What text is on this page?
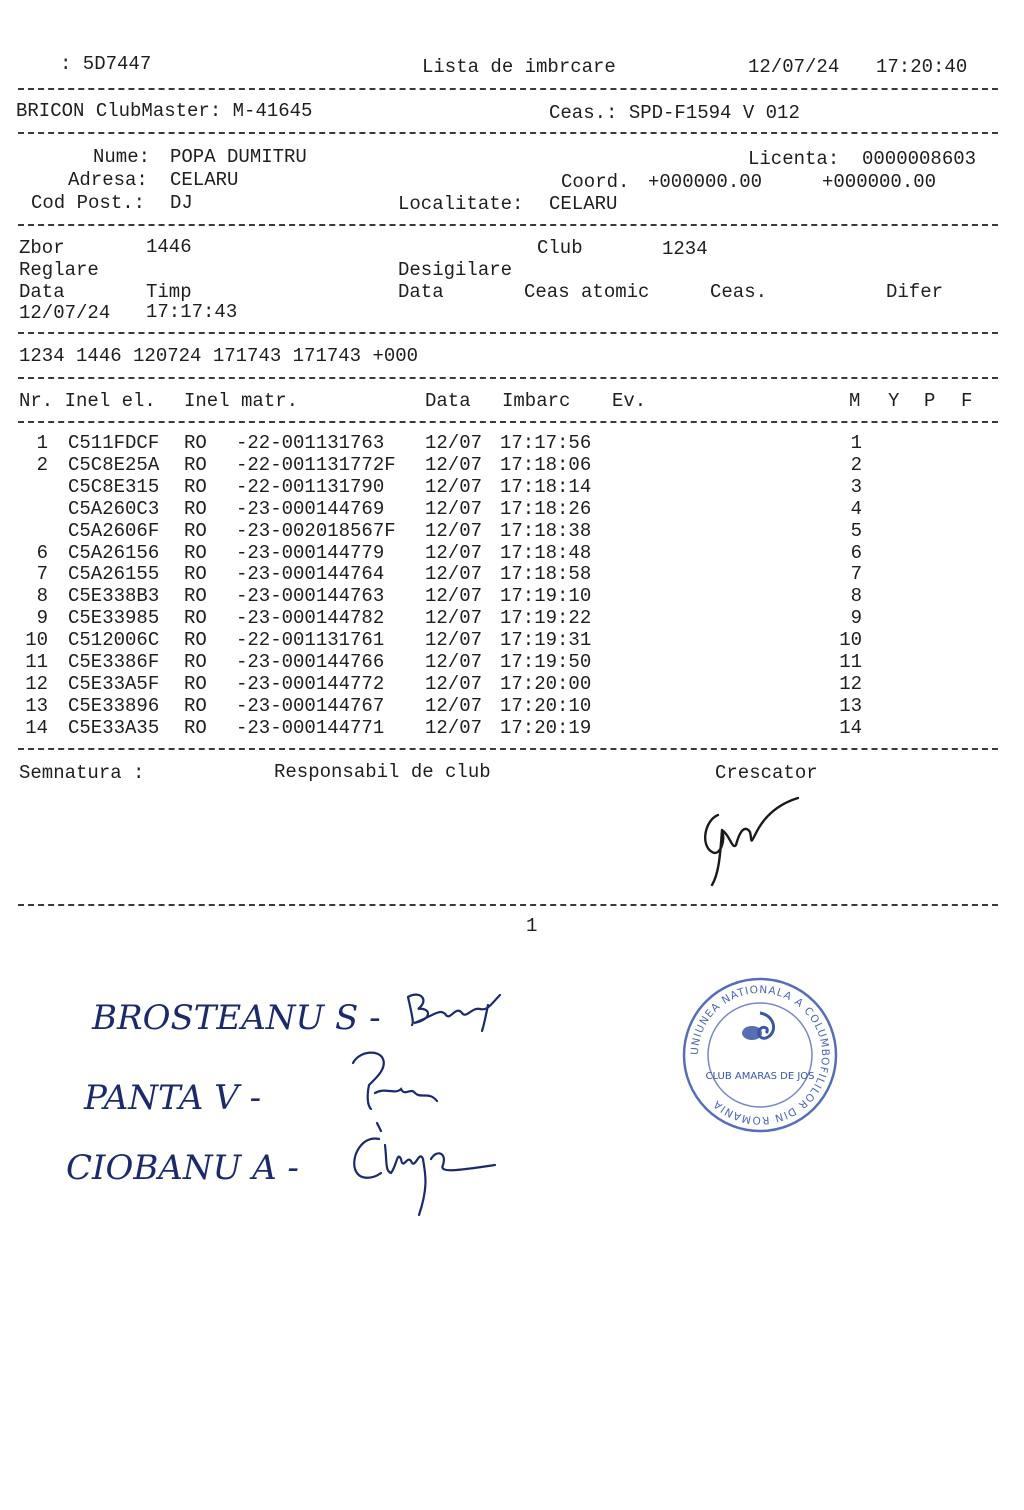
: 5D7447	Lista de imbrcare	12/07/24 17:20:40
BRICON ClubMaster: M-41645	Ceas.: SPD-F1594 V 012
Nume: POPA DUMITRU	Licenta: 0000008603
Adresa: CELARU	Coord. +000000.00	+000000.00
Cod Post.: DJ	Localitate: CELARU
Zbor	1446	Club	1234
Reglare	Desigilare
Data	Timp	Data	Ceas atomic	Ceas.	Difer
12/07/24 17:17:43
1234 1446 120724 171743 171743 +000
Nr. Inel el. Inel matr.	Data Imbarc Ev.	M Y P F
1 C511FDCF RO -22-001131763 12/07 17:17:56	1
2 C5C8E25A RO -22-001131772F 12/07 17:18:06	2
C5C8E315 RO -22-001131790 12/07 17:18:14	3
C5A260C3 RO -23-000144769 12/07 17:18:26	4
C5A2606F RO -23-002018567F 12/07 17:18:38	5
6 C5A26156 RO -23-000144779 12/07 17:18:48	6
7 C5A26155 RO -23-000144764 12/07 17:18:58	7
8 C5E338B3 RO -23-000144763 12/07 17:19:10	8
9 C5E33985 RO -23-000144782 12/07 17:19:22	9
10 C512006C RO -22-001131761 12/07 17:19:31	10
11 C5E3386F RO -23-000144766 12/07 17:19:50	11
12 C5E33A5F RO -23-000144772 12/07 17:20:00	12
13 C5E33896 RO -23-000144767 12/07 17:20:10	13
14 C5E33A35 RO -23-000144771 12/07 17:20:19	14
Semnatura :	Responsabil de club	Crescator
1
BROSTEANU S -
PANTA V -
CIOBANU A -
UNIUNEA NATIONALA A COLUMBOFILILOR DIN ROMANIA
CLUB AMARAS DE JOS
